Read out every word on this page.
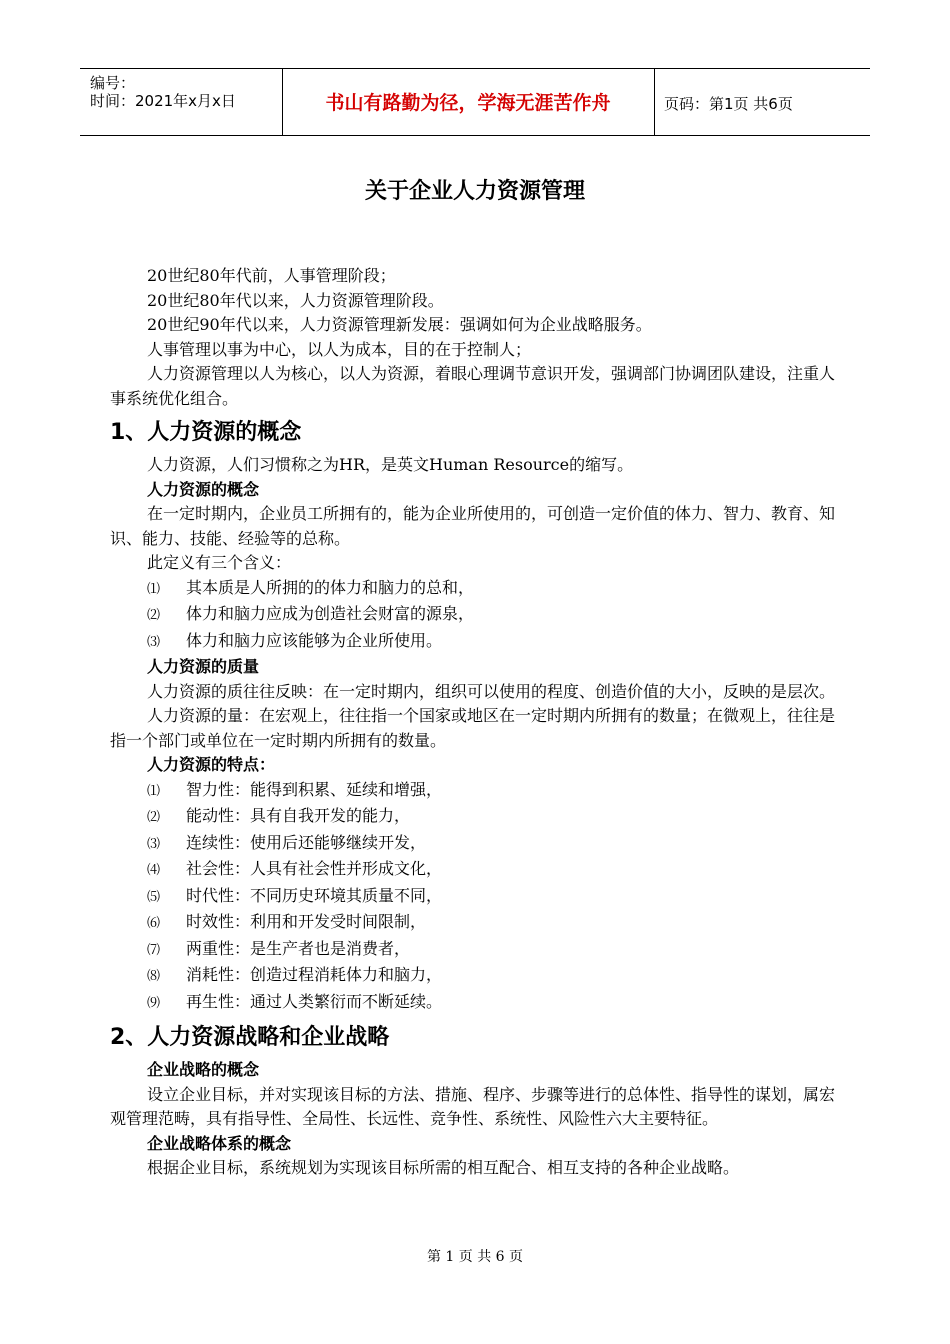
编号：
时间：2021年x月x日	书山有路勤为径，学海无涯苦作舟	页码：第1页 共6页
关于企业人力资源管理

20世纪80年代前，人事管理阶段；

20世纪80年代以来，人力资源管理阶段。

20世纪90年代以来，人力资源管理新发展：强调如何为企业战略服务。

人事管理以事为中心，以人为成本，目的在于控制人；

人力资源管理以人为核心，以人为资源，着眼心理调节意识开发，强调部门协调团队建设，注重人事系统优化组合。

1、人力资源的概念

人力资源，人们习惯称之为HR，是英文Human Resource的缩写。

人力资源的概念

在一定时期内，企业员工所拥有的，能为企业所使用的，可创造一定价值的体力、智力、教育、知识、能力、技能、经验等的总称。

此定义有三个含义：

⑴ 其本质是人所拥的的体力和脑力的总和，
⑵ 体力和脑力应成为创造社会财富的源泉，
⑶ 体力和脑力应该能够为企业所使用。
人力资源的质量

人力资源的质往往反映：在一定时期内，组织可以使用的程度、创造价值的大小，反映的是层次。

人力资源的量：在宏观上，往往指一个国家或地区在一定时期内所拥有的数量；在微观上，往往是指一个部门或单位在一定时期内所拥有的数量。

人力资源的特点：
⑴ 智力性：能得到积累、延续和增强，
⑵ 能动性：具有自我开发的能力，
⑶ 连续性：使用后还能够继续开发，
⑷ 社会性：人具有社会性并形成文化，
⑸ 时代性：不同历史环境其质量不同，
⑹ 时效性：利用和开发受时间限制，
⑺ 两重性：是生产者也是消费者，
⑻ 消耗性：创造过程消耗体力和脑力，
⑼ 再生性：通过人类繁衍而不断延续。
2、人力资源战略和企业战略
企业战略的概念

设立企业目标，并对实现该目标的方法、措施、程序、步骤等进行的总体性、指导性的谋划，属宏观管理范畴，具有指导性、全局性、长远性、竞争性、系统性、风险性六大主要特征。

企业战略体系的概念

根据企业目标，系统规划为实现该目标所需的相互配合、相互支持的各种企业战略。

第 1 页 共 6 页
